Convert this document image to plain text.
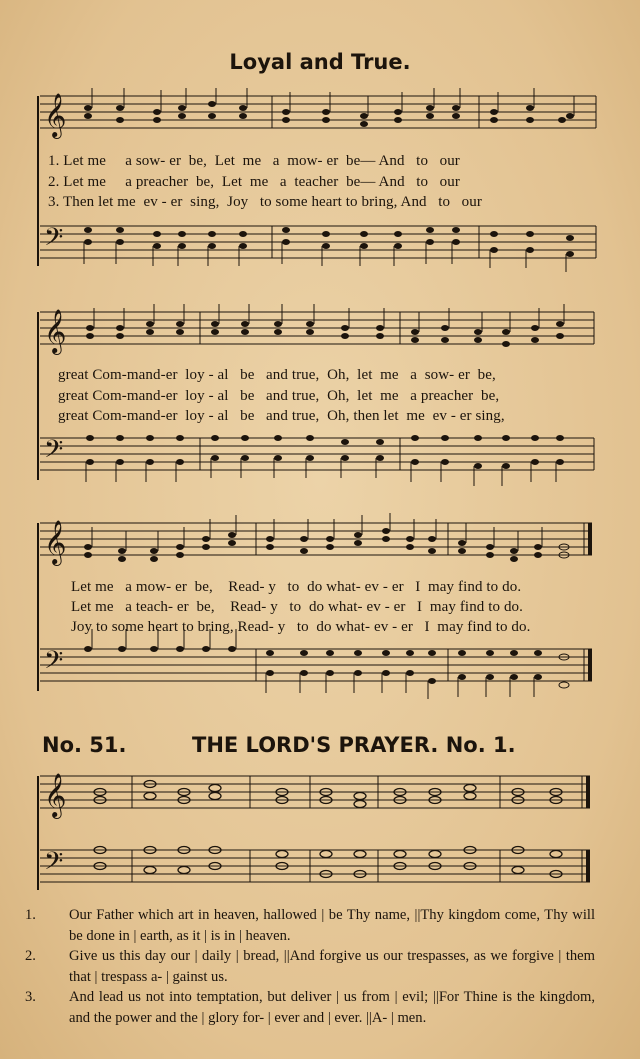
Loyal and True.
𝄞
𝄢
1. Let me     a sow- er  be,  Let  me   a  mow- er  be— And   to   our
2. Let me     a preacher  be,  Let  me   a  teacher  be— And   to   our
3. Then let me  ev - er  sing,  Joy   to some heart to bring, And   to   our
𝄞
𝄢
great Com-mand-er  loy - al   be   and true,  Oh,  let  me   a  sow- er  be,
great Com-mand-er  loy - al   be   and true,  Oh,  let  me   a preacher  be,
great Com-mand-er  loy - al   be   and true,  Oh, then let  me  ev - er sing,
𝄞
𝄢
Let me   a mow- er  be,    Read- y   to  do what- ev - er   I  may find to do.
Let me   a teach- er  be,    Read- y   to  do what- ev - er   I  may find to do.
Joy to some heart to bring, Read- y   to  do what- ev - er   I  may find to do.
No. 51.	THE LORD'S PRAYER. No. 1.
𝄞
𝄢

1. Our Father which art in heaven, hallowed | be Thy name, ||Thy kingdom come, Thy will be done in | earth, as it | is in | heaven.

2. Give us this day our | daily | bread, ||And forgive us our trespasses, as we forgive | them that | trespass a- | gainst us.

3. And lead us not into temptation, but deliver | us from | evil; ||For Thine is the kingdom, and the power and the | glory for- | ever and | ever. ||A- | men.
